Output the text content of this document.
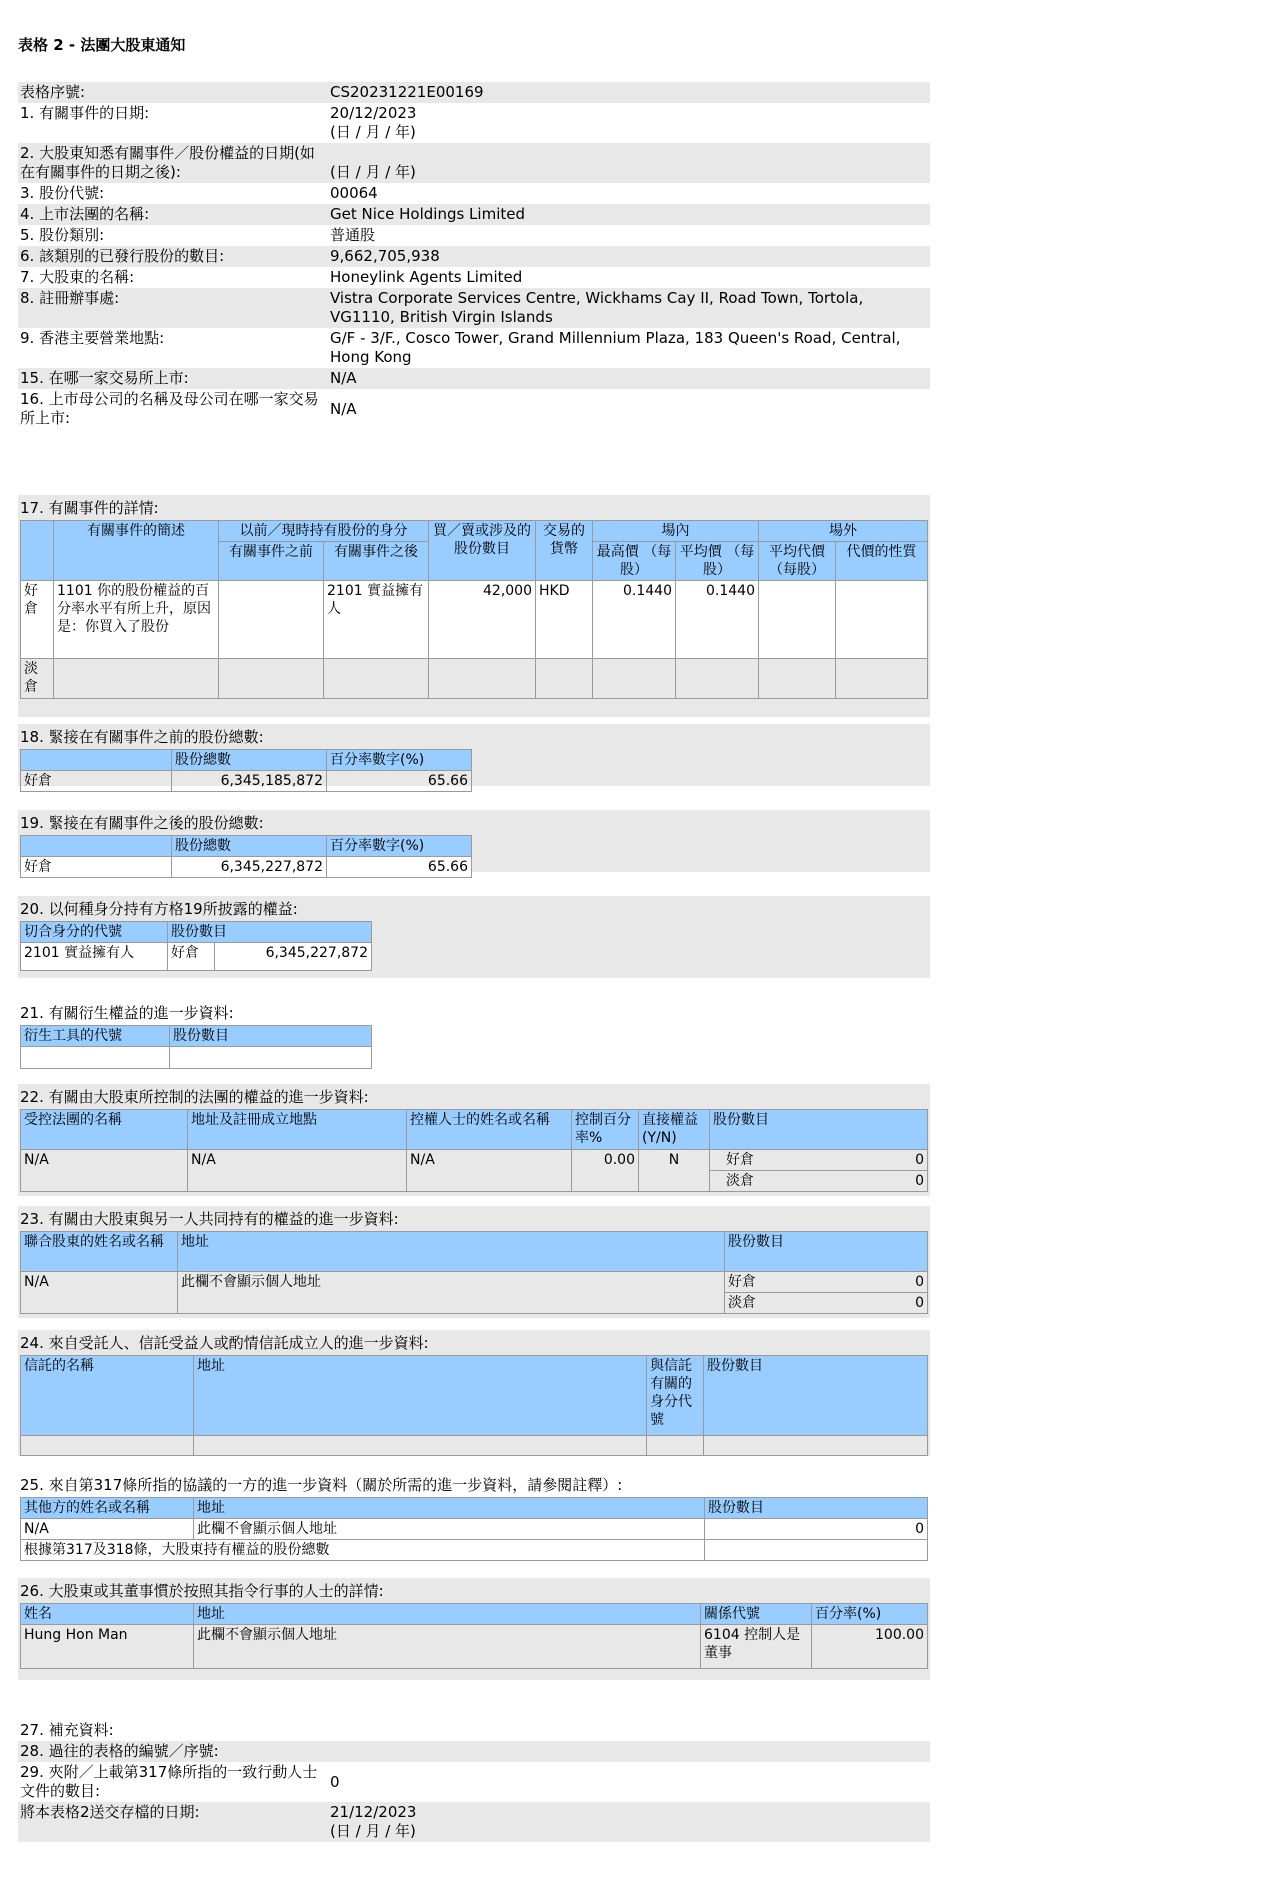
表格 2 - 法團大股東通知
表格序號:	CS20231221E00169
1. 有關事件的日期:	20/12/2023
(日 / 月 / 年)

2. 大股東知悉有關事件／股份權益的日期(如在有關事件的日期之後):	(日 / 月 / 年)

3. 股份代號:	00064
4. 上市法團的名稱:	Get Nice Holdings Limited
5. 股份類別:	普通股
6. 該類別的已發行股份的數目:	9,662,705,938
7. 大股東的名稱:	Honeylink Agents Limited
8. 註冊辦事處:	Vistra Corporate Services Centre, Wickhams Cay II, Road Town, Tortola, VG1110, British Virgin Islands
9. 香港主要營業地點:	G/F - 3/F., Cosco Tower, Grand Millennium Plaza, 183 Queen's Road, Central, Hong Kong
15. 在哪一家交易所上市:	N/A
16. 上市母公司的名稱及母公司在哪一家交易所上市:	N/A
17. 有關事件的詳情:
	有關事件的簡述	以前／現時持有股份的身分		買／賣或涉及的股份數目	交易的貨幣	場內		場外	
		有關事件之前	有關事件之後			最高價 （每股）	平均價 （每股）	平均代價 （每股）	代價的性質
好倉	1101 你的股份權益的百分率水平有所上升，原因是：你買入了股份		2101 實益擁有人	42,000	HKD	0.1440	0.1440		
淡倉									
18. 緊接在有關事件之前的股份總數:
	股份總數	百分率數字(%)
好倉	6,345,185,872	65.66
19. 緊接在有關事件之後的股份總數:
	股份總數	百分率數字(%)
好倉	6,345,227,872	65.66
20. 以何種身分持有方格19所披露的權益:
切合身分的代號	股份數目	
2101 實益擁有人	好倉	6,345,227,872
21. 有關衍生權益的進一步資料:
衍生工具的代號	股份數目

22. 有關由大股東所控制的法團的權益的進一步資料:
受控法團的名稱	地址及註冊成立地點	控權人士的姓名或名稱	控制百分率%	直接權益(Y/N)	股份數目	
N/A	N/A	N/A	0.00	N	好倉	0
					淡倉	0
23. 有關由大股東與另一人共同持有的權益的進一步資料:
聯合股東的姓名或名稱	地址	股份數目	
N/A	此欄不會顯示個人地址	好倉	0
		淡倉	0
24. 來自受託人、信託受益人或酌情信託成立人的進一步資料:
信託的名稱	地址	與信託有關的身分代號	股份數目

25. 來自第317條所指的協議的一方的進一步資料（關於所需的進一步資料，請參閱註釋）:
其他方的姓名或名稱	地址	股份數目
N/A	此欄不會顯示個人地址	0
根據第317及318條，大股東持有權益的股份總數		
26. 大股東或其董事慣於按照其指令行事的人士的詳情:
姓名	地址	關係代號	百分率(%)
Hung Hon Man	此欄不會顯示個人地址	6104 控制人是董事	100.00
27. 補充資料:	
28. 過往的表格的編號／序號:	
29. 夾附／上載第317條所指的一致行動人士文件的數目:	0
將本表格2送交存檔的日期:	21/12/2023
(日 / 月 / 年)
